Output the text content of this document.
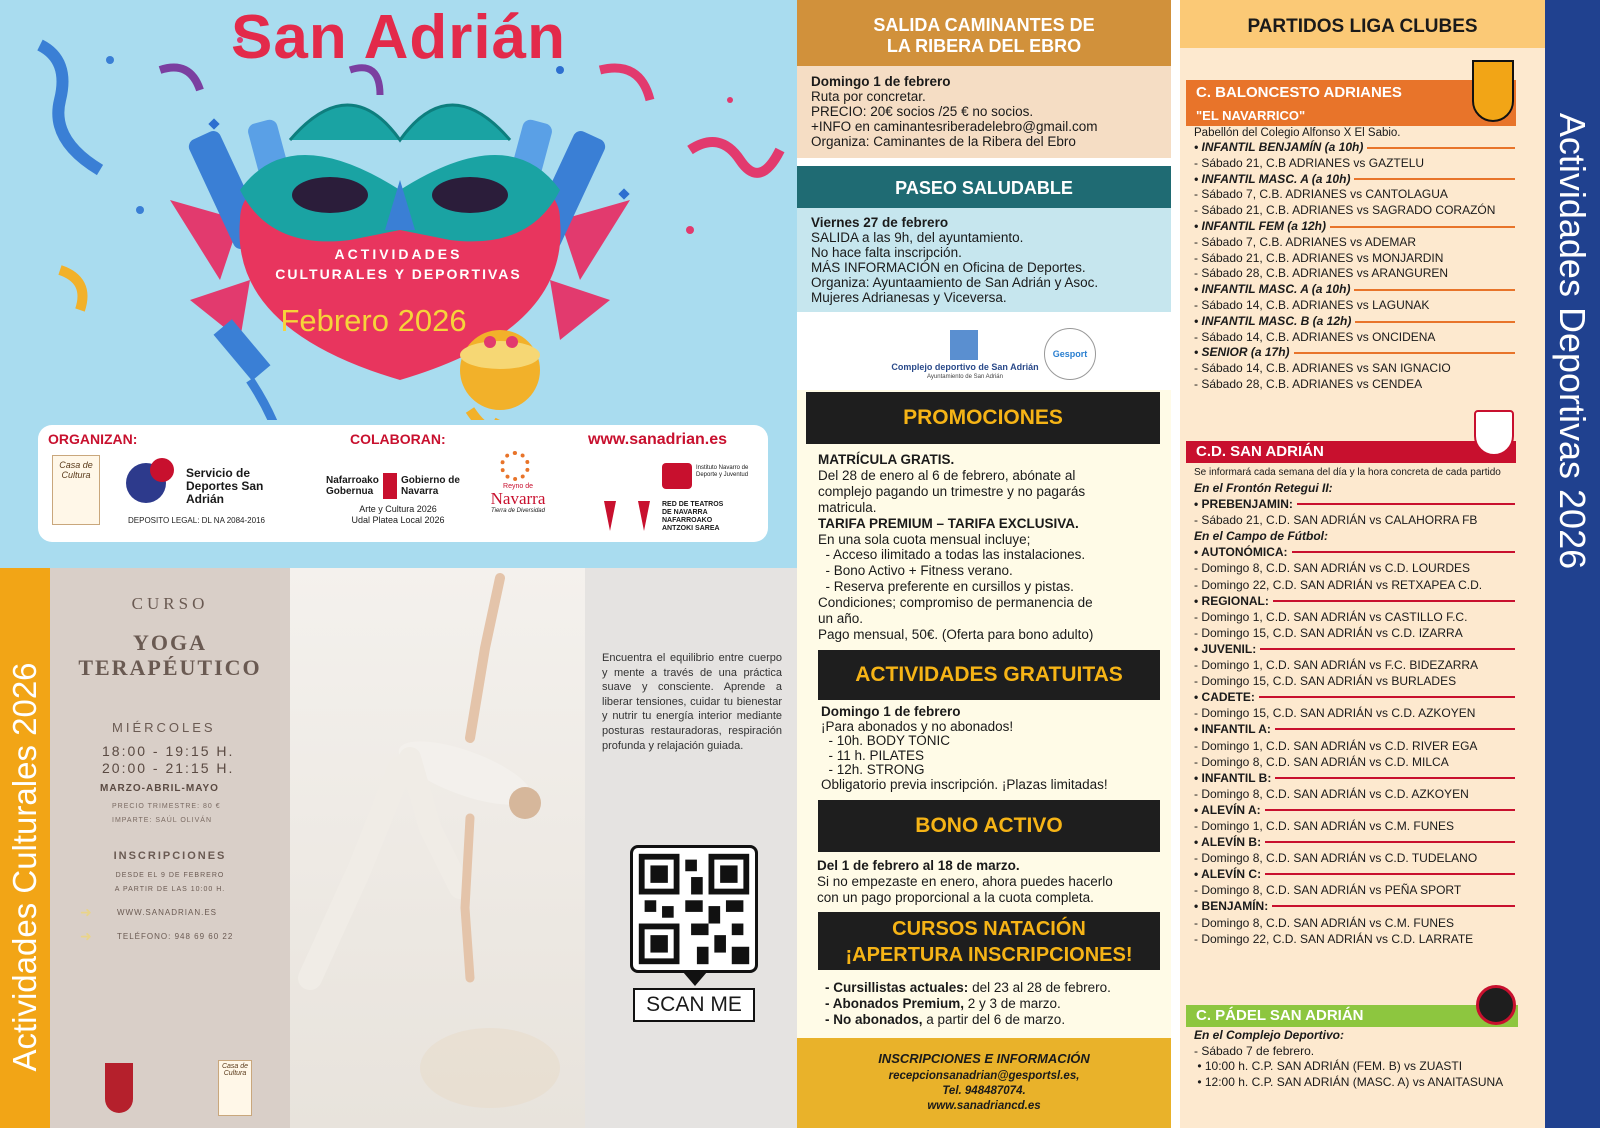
San Adrián
ACTIVIDADES
CULTURALES Y DEPORTIVAS
Febrero 2026
ORGANIZAN:	COLABORAN:	www.sanadrian.es
Casa de Cultura	Servicio de Deportes San Adrián
DEPOSITO LEGAL: DL NA 2084-2016
Nafarroako Gobernua
Gobierno de Navarra
Arte y Cultura 2026
Udal Platea Local 2026
Reyno de
Navarra
Tierra de Diversidad
Instituto Navarro de Deporte y Juventud
RED DE TEATROS DE NAVARRA NAFARROAKO ANTZOKI SAREA
Actividades Culturales 2026
CURSO
YOGA
TERAPÉUTICO
MIÉRCOLES
18:00 - 19:15 H.
20:00 - 21:15 H.
MARZO-ABRIL-MAYO
PRECIO TRIMESTRE: 80 €
IMPARTE: SAÚL OLIVÁN
INSCRIPCIONES
DESDE EL 9 DE FEBRERO
A PARTIR DE LAS 10:00 H.
➜	WWW.SANADRIAN.ES
➜	TELÉFONO: 948 69 60 22
Casa de Cultura
Encuentra el equilibrio entre cuerpo y mente a través de una práctica suave y consciente. Aprende a liberar tensiones, cuidar tu bienestar y nutrir tu energía interior mediante posturas restauradoras, respiración profunda y relajación guiada.
SCAN ME
SALIDA CAMINANTES DE
LA RIBERA DEL EBRO
Domingo 1 de febrero
Ruta por concretar.
PRECIO: 20€ socios /25 € no socios.
+INFO en caminantesriberadelebro@gmail.com
Organiza: Caminantes de la Ribera del Ebro
PASEO SALUDABLE
Viernes 27 de febrero
SALIDA a las 9h, del ayuntamiento.
No hace falta inscripción.
MÁS INFORMACIÓN en Oficina de Deportes.
Organiza: Ayuntaamiento de San Adrián y Asoc.
Mujeres Adrianesas y Viceversa.
Complejo deportivo de San Adrián
Ayuntamiento de San Adrián
Gesport
PROMOCIONES
MATRÍCULA GRATIS.
Del 28 de enero al 6 de febrero, abónate al
complejo pagando un trimestre y no pagarás
matricula.
TARIFA PREMIUM – TARIFA EXCLUSIVA.
En una sola cuota mensual incluye;
- Acceso ilimitado a todas las instalaciones.
- Bono Activo + Fitness verano.
- Reserva preferente en cursillos y pistas.
Condiciones; compromiso de permanencia de
un año.
Pago mensual, 50€. (Oferta para bono adulto)
ACTIVIDADES GRATUITAS
Domingo 1 de febrero
¡Para abonados y no abonados!
- 10h. BODY TONIC
- 11 h. PILATES
- 12h. STRONG
Obligatorio previa inscripción. ¡Plazas limitadas!
BONO ACTIVO
Del 1 de febrero al 18 de marzo.
Si no empezaste en enero, ahora puedes hacerlo
con un pago proporcional a la cuota completa.
CURSOS NATACIÓN
¡APERTURA INSCRIPCIONES!
- Cursillistas actuales: del 23 al 28 de febrero.
- Abonados Premium, 2 y 3 de marzo.
- No abonados, a partir del 6 de marzo.
INSCRIPCIONES E INFORMACIÓN
recepcionsanadrian@gesportsl.es,
Tel. 948487074.
www.sanadriancd.es
PARTIDOS LIGA CLUBES
C. BALONCESTO ADRIANES
"EL NAVARRICO"
Pabellón del Colegio Alfonso X El Sabio.
• INFANTIL BENJAMÍN (a 10h)
- Sábado 21, C.B ADRIANES vs GAZTELU
• INFANTIL MASC. A (a 10h)
- Sábado 7, C.B. ADRIANES vs CANTOLAGUA
- Sábado 21, C.B. ADRIANES vs SAGRADO CORAZÓN
• INFANTIL FEM (a 12h)
- Sábado 7, C.B. ADRIANES vs ADEMAR
- Sábado 21, C.B. ADRIANES vs MONJARDIN
- Sábado 28, C.B. ADRIANES vs ARANGUREN
• INFANTIL MASC. A (a 10h)
- Sábado 14, C.B. ADRIANES vs LAGUNAK
• INFANTIL MASC. B (a 12h)
- Sábado 14, C.B. ADRIANES vs ONCIDENA
• SENIOR (a 17h)
- Sábado 14, C.B. ADRIANES vs SAN IGNACIO
- Sábado 28, C.B. ADRIANES vs CENDEA
C.D. SAN ADRIÁN
Se informará cada semana del día y la hora concreta de cada partido
En el Frontón Retegui II:
• PREBENJAMIN:
- Sábado 21, C.D. SAN ADRIÁN vs CALAHORRA FB
En el Campo de Fútbol:
• AUTONÓMICA:
- Domingo 8, C.D. SAN ADRIÁN vs C.D. LOURDES
- Domingo 22, C.D. SAN ADRIÁN vs RETXAPEA C.D.
• REGIONAL:
- Domingo 1, C.D. SAN ADRIÁN vs CASTILLO F.C.
- Domingo 15, C.D. SAN ADRIÁN vs C.D. IZARRA
• JUVENIL:
- Domingo 1, C.D. SAN ADRIÁN vs F.C. BIDEZARRA
- Domingo 15, C.D. SAN ADRIÁN vs BURLADES
• CADETE:
- Domingo 15, C.D. SAN ADRIÁN vs C.D. AZKOYEN
• INFANTIL A:
- Domingo 1, C.D. SAN ADRIÁN vs C.D. RIVER EGA
- Domingo 8, C.D. SAN ADRIÁN vs C.D. MILCA
• INFANTIL B:
- Domingo 8, C.D. SAN ADRIÁN vs C.D. AZKOYEN
• ALEVÍN A:
- Domingo 1, C.D. SAN ADRIÁN vs C.M. FUNES
• ALEVÍN B:
- Domingo 8, C.D. SAN ADRIÁN vs C.D. TUDELANO
• ALEVÍN C:
- Domingo 8, C.D. SAN ADRIÁN vs PEÑA SPORT
• BENJAMÍN:
- Domingo 8, C.D. SAN ADRIÁN vs C.M. FUNES
- Domingo 22, C.D. SAN ADRIÁN vs C.D. LARRATE
C. PÁDEL SAN ADRIÁN
En el Complejo Deportivo:
- Sábado 7 de febrero.
• 10:00 h. C.P. SAN ADRIÁN (FEM. B) vs ZUASTI
• 12:00 h. C.P. SAN ADRIÁN (MASC. A) vs ANAITASUNA
Actividades Deportivas 2026
